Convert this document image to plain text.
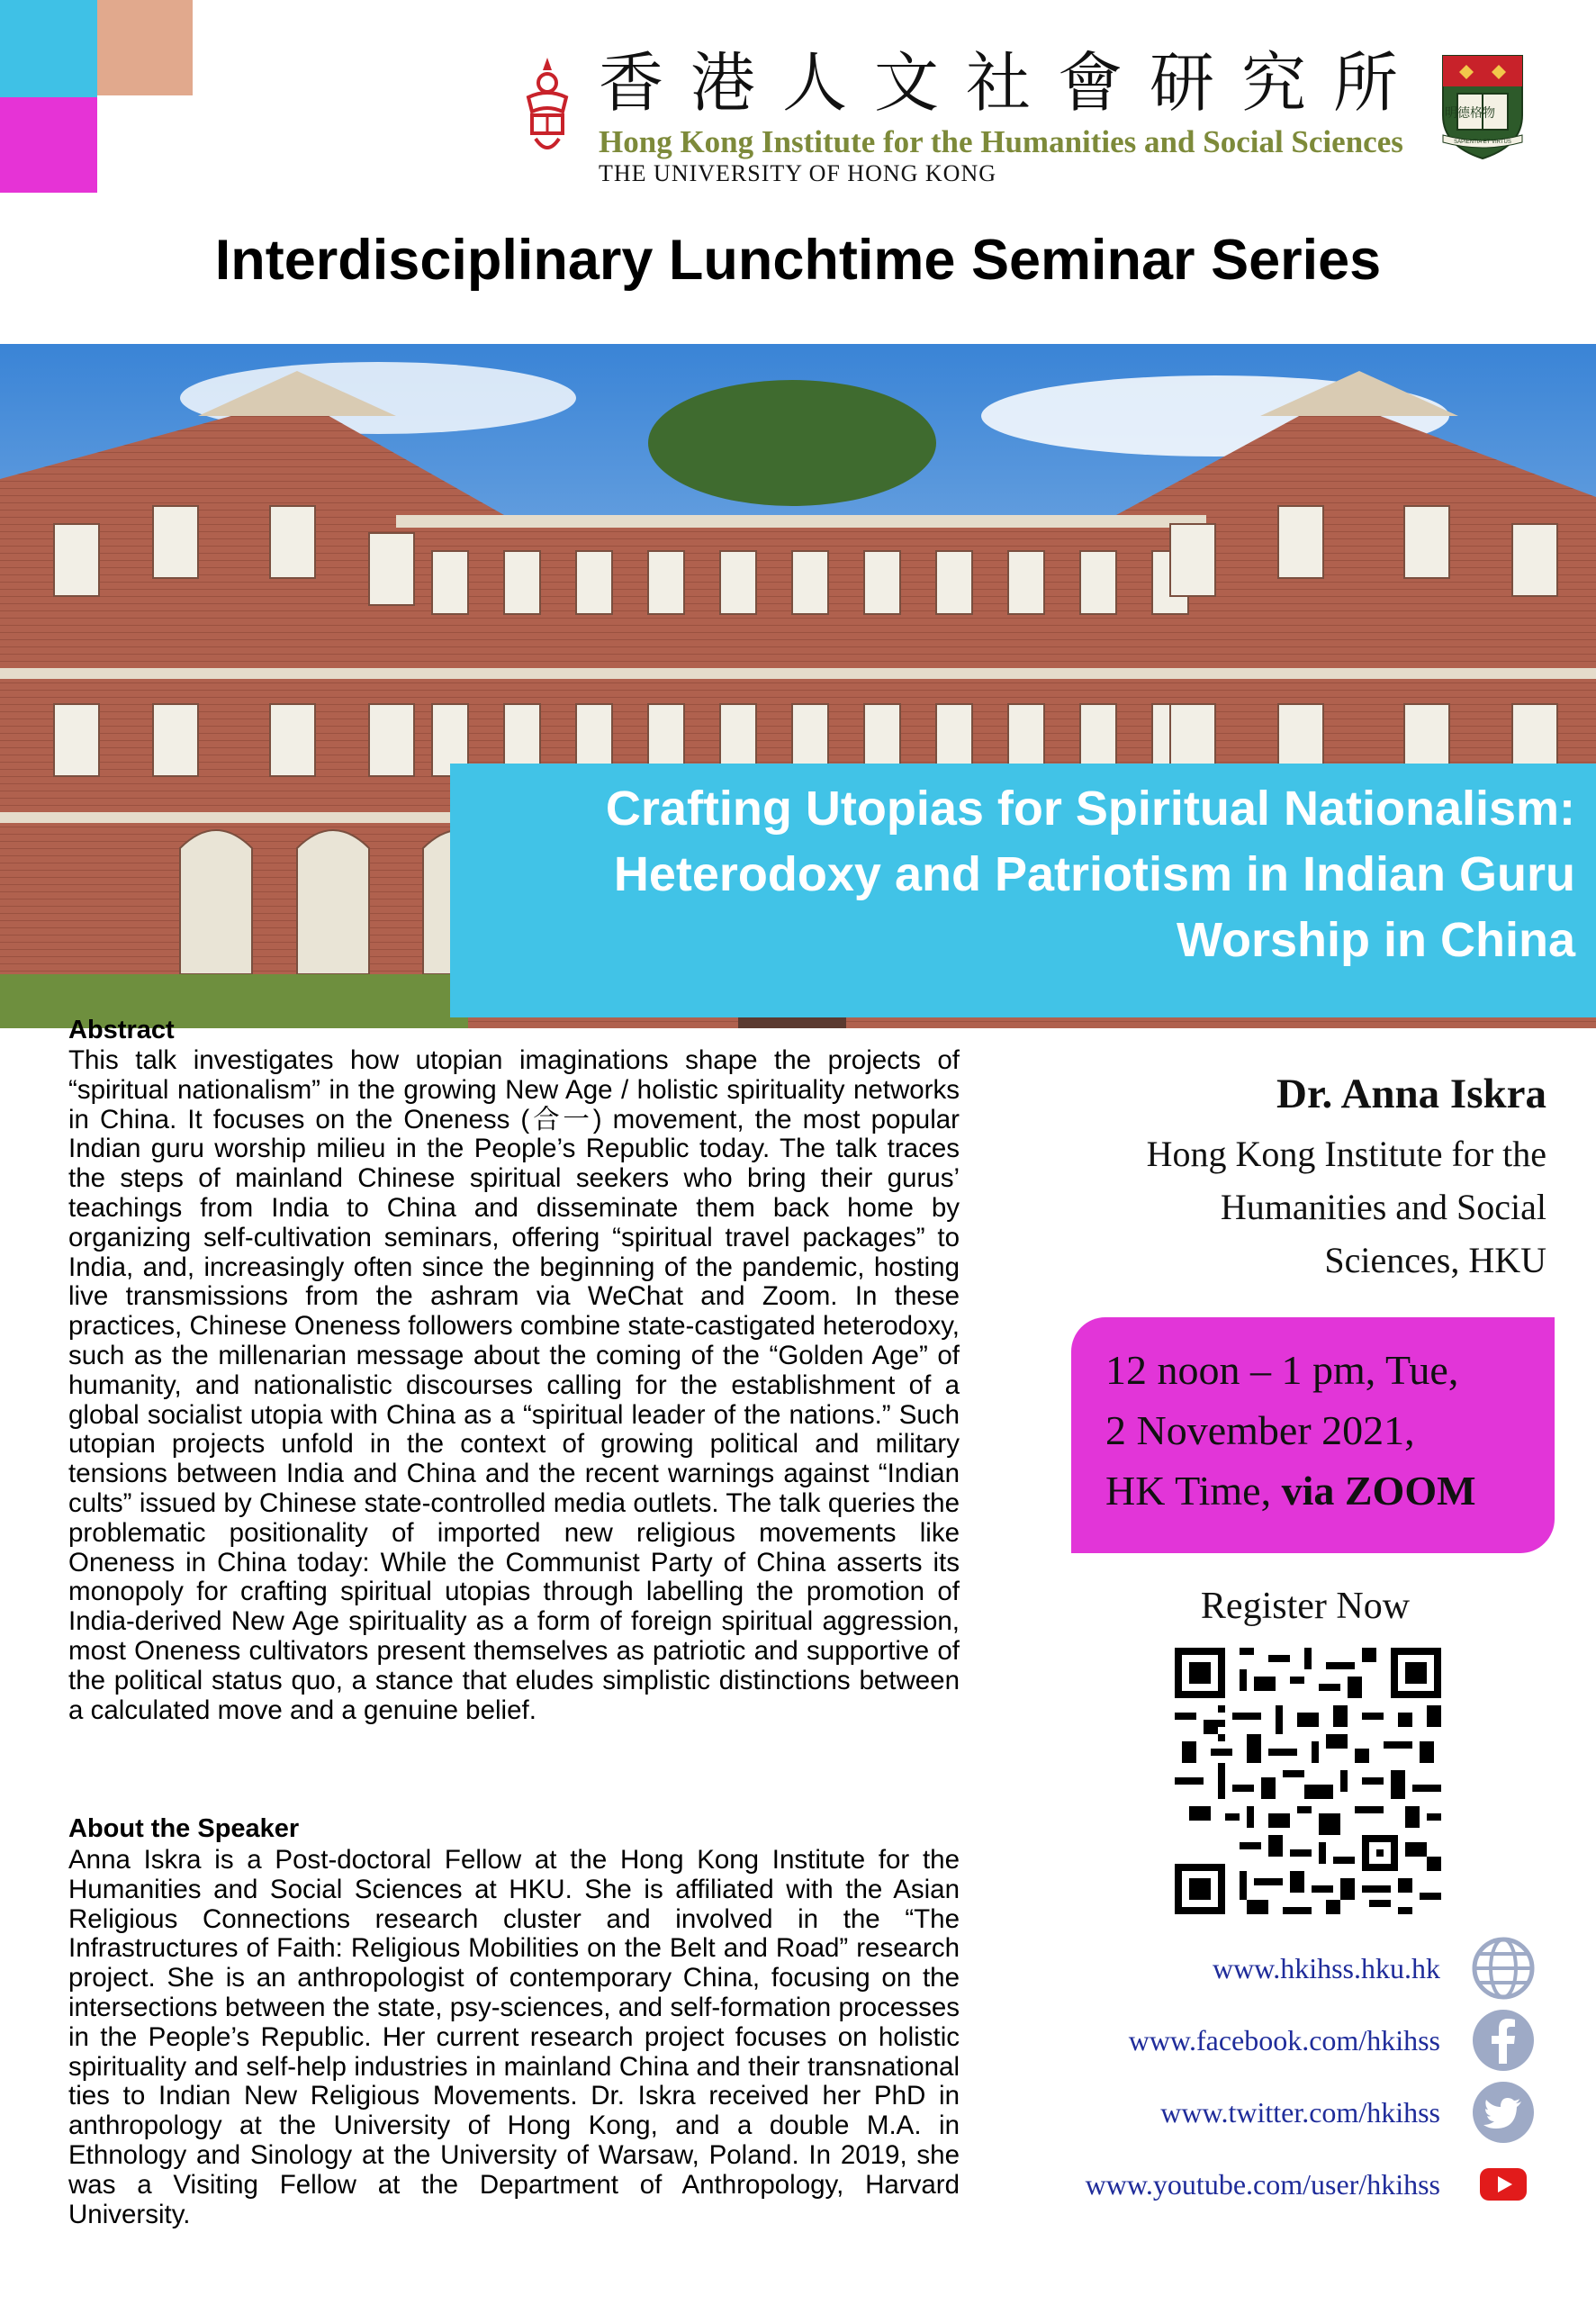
香港人文社會研究所
Hong Kong Institute for the Humanities and Social Sciences
THE UNIVERSITY OF HONG KONG
明德格物
SAPIENTIA ET VIRTUS
Interdisciplinary Lunchtime Seminar Series
Crafting Utopias for Spiritual Nationalism:
Heterodoxy and Patriotism in Indian Guru
Worship in China
Abstract
This talk investigates how utopian imaginations shape the projects of “spiritual nationalism” in the growing New Age / holistic spirituality networks in China. It focuses on the Oneness (合一) movement, the most popular Indian guru worship milieu in the People’s Republic today. The talk traces the steps of mainland Chinese spiritual seekers who bring their gurus’ teachings from India to China and disseminate them back home by organizing self-cultivation seminars, offering “spiritual travel packages” to India, and, increasingly often since the beginning of the pandemic, hosting live transmissions from the ashram via WeChat and Zoom. In these practices, Chinese Oneness followers combine state-castigated heterodoxy, such as the millenarian message about the coming of the “Golden Age” of humanity, and nationalistic discourses calling for the establishment of a global socialist utopia with China as a “spiritual leader of the nations.” Such utopian projects unfold in the context of growing political and military tensions between India and China and the recent warnings against “Indian cults” issued by Chinese state-controlled media outlets. The talk queries the problematic positionality of imported new religious movements like Oneness in China today: While the Communist Party of China asserts its monopoly for crafting spiritual utopias through labelling the promotion of India-derived New Age spirituality as a form of foreign spiritual aggression, most Oneness cultivators present themselves as patriotic and supportive of the political status quo, a stance that eludes simplistic distinctions between a calculated move and a genuine belief.
About the Speaker
Anna Iskra is a Post-doctoral Fellow at the Hong Kong Institute for the Humanities and Social Sciences at HKU. She is affiliated with the Asian Religious Connections research cluster and involved in the “The Infrastructures of Faith: Religious Mobilities on the Belt and Road” research project. She is an anthropologist of contemporary China, focusing on the intersections between the state, psy-sciences, and self-formation processes in the People’s Republic. Her current research project focuses on holistic spirituality and self-help industries in mainland China and their transnational ties to Indian New Religious Movements. Dr. Iskra received her PhD in anthropology at the University of Hong Kong, and a double M.A. in Ethnology and Sinology at the University of Warsaw, Poland. In 2019, she was a Visiting Fellow at the Department of Anthropology, Harvard University.
Dr. Anna Iskra
Hong Kong Institute for the
Humanities and Social
Sciences, HKU
12 noon – 1 pm, Tue,
2 November 2021,
HK Time, via ZOOM
Register Now
www.hkihss.hku.hk
www.facebook.com/hkihss
www.twitter.com/hkihss
www.youtube.com/user/hkihss
